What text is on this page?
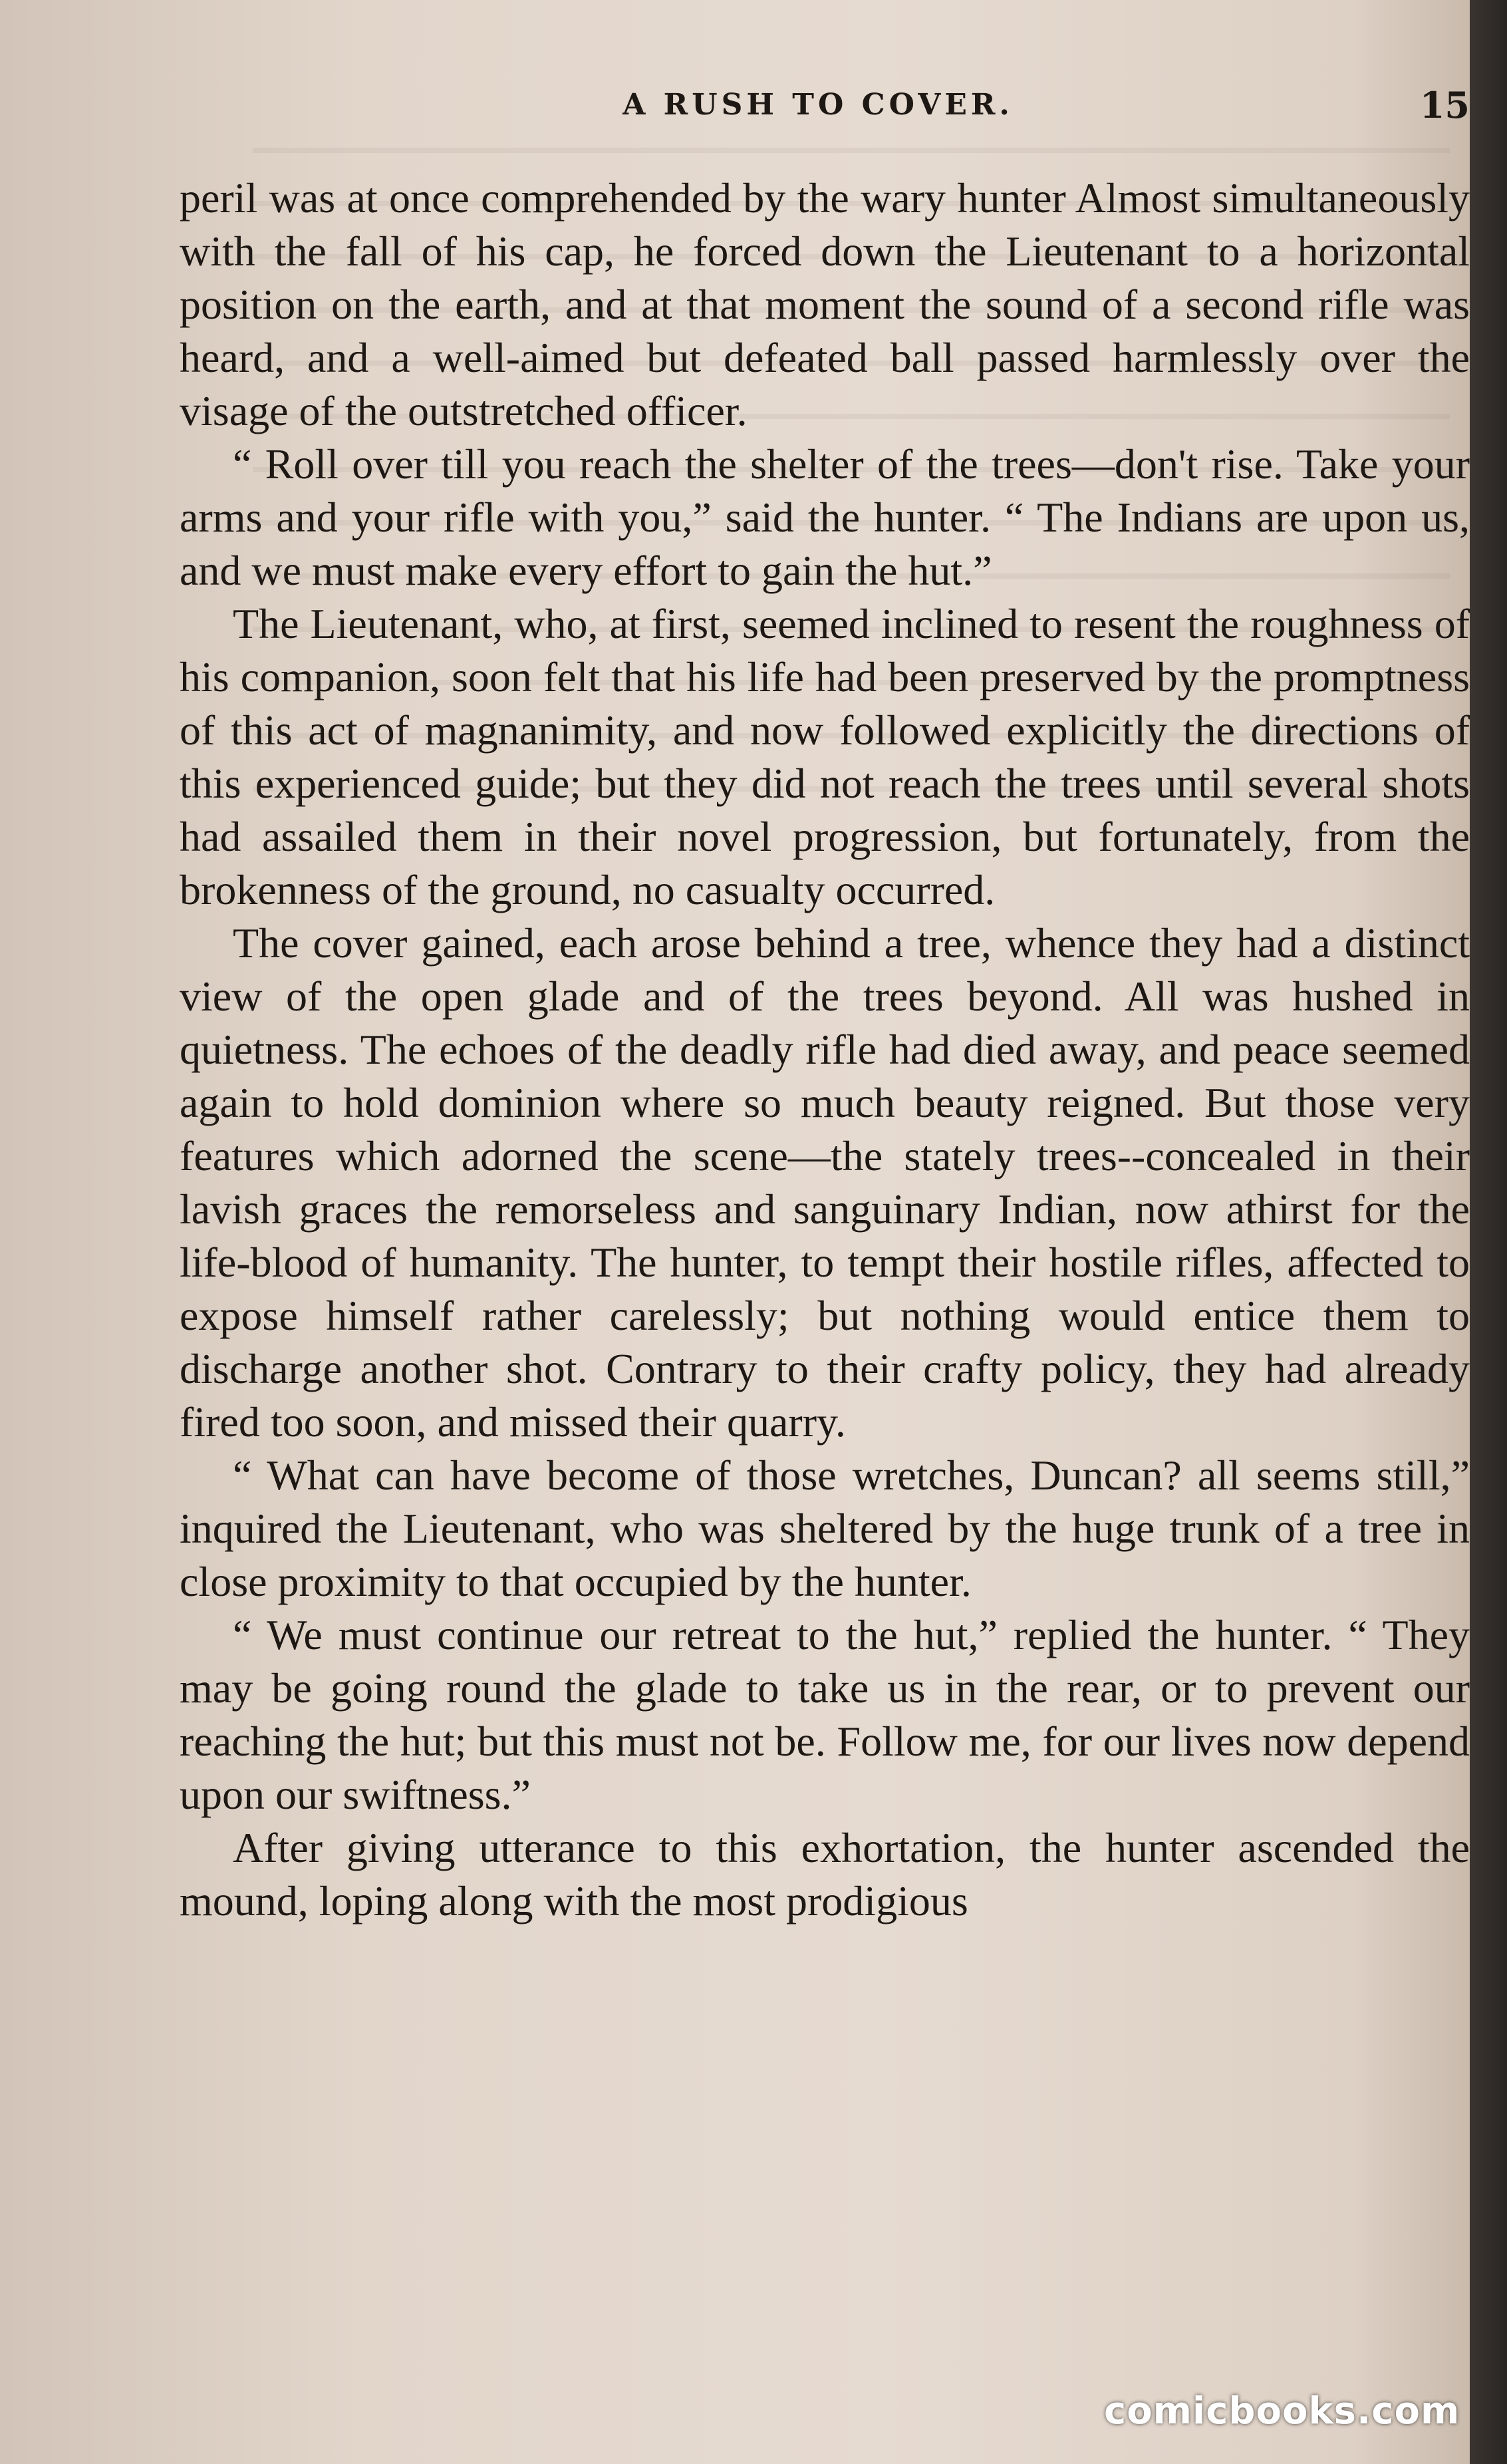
A RUSH TO COVER.	15

peril was at once comprehended by the wary hunter Almost simultaneously with the fall of his cap, he forced down the Lieutenant to a horizontal position on the earth, and at that moment the sound of a second rifle was heard, and a well-aimed but defeated ball passed harmlessly over the visage of the outstretched officer.

“ Roll over till you reach the shelter of the trees—don't rise. Take your arms and your rifle with you,” said the hunter. “ The Indians are upon us, and we must make every effort to gain the hut.”

The Lieutenant, who, at first, seemed inclined to resent the roughness of his companion, soon felt that his life had been preserved by the promptness of this act of magnanimity, and now followed explicitly the directions of this experienced guide; but they did not reach the trees until several shots had assailed them in their novel progression, but fortunately, from the brokenness of the ground, no casualty occurred.

The cover gained, each arose behind a tree, whence they had a distinct view of the open glade and of the trees beyond. All was hushed in quietness. The echoes of the deadly rifle had died away, and peace seemed again to hold dominion where so much beauty reigned. But those very features which adorned the scene—the stately trees--concealed in their lavish graces the remorseless and sanguinary Indian, now athirst for the life-blood of humanity. The hunter, to tempt their hostile rifles, affected to expose himself rather carelessly; but nothing would entice them to discharge another shot. Contrary to their crafty policy, they had already fired too soon, and missed their quarry.

“ What can have become of those wretches, Duncan? all seems still,” inquired the Lieutenant, who was sheltered by the huge trunk of a tree in close proximity to that occupied by the hunter.

“ We must continue our retreat to the hut,” replied the hunter. “ They may be going round the glade to take us in the rear, or to prevent our reaching the hut; but this must not be. Follow me, for our lives now depend upon our swiftness.”

After giving utterance to this exhortation, the hunter ascended the mound, loping along with the most prodigious

comicbooks.com
